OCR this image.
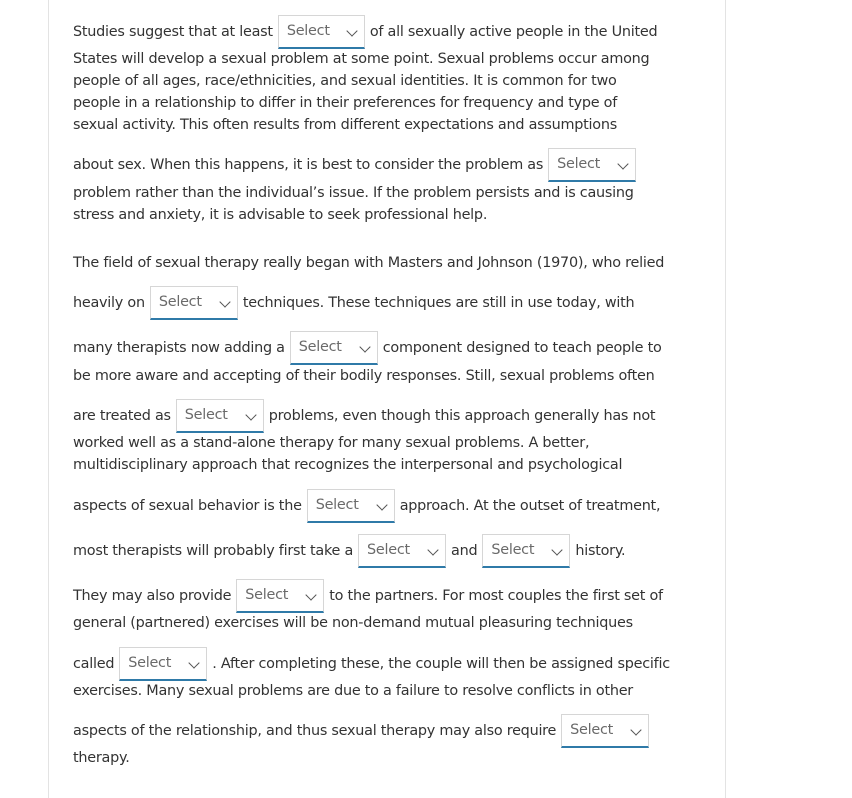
Studies suggest that at least Select	of all sexually active people in the United
States will develop a sexual problem at some point. Sexual problems occur among
people of all ages, race/ethnicities, and sexual identities. It is common for two
people in a relationship to differ in their preferences for frequency and type of
sexual activity. This often results from different expectations and assumptions
about sex. When this happens, it is best to consider the problem as Select
problem rather than the individual’s issue. If the problem persists and is causing
stress and anxiety, it is advisable to seek professional help.
The field of sexual therapy really began with Masters and Johnson (1970), who relied
heavily on Select	techniques. These techniques are still in use today, with
many therapists now adding a Select	component designed to teach people to
be more aware and accepting of their bodily responses. Still, sexual problems often
are treated as Select	problems, even though this approach generally has not
worked well as a stand-alone therapy for many sexual problems. A better,
multidisciplinary approach that recognizes the interpersonal and psychological
aspects of sexual behavior is the Select	approach. At the outset of treatment,
most therapists will probably first take a Select	and Select	history.
They may also provide Select	to the partners. For most couples the first set of
general (partnered) exercises will be non-demand mutual pleasuring techniques
called Select	. After completing these, the couple will then be assigned specific
exercises. Many sexual problems are due to a failure to resolve conflicts in other
aspects of the relationship, and thus sexual therapy may also require Select
therapy.
